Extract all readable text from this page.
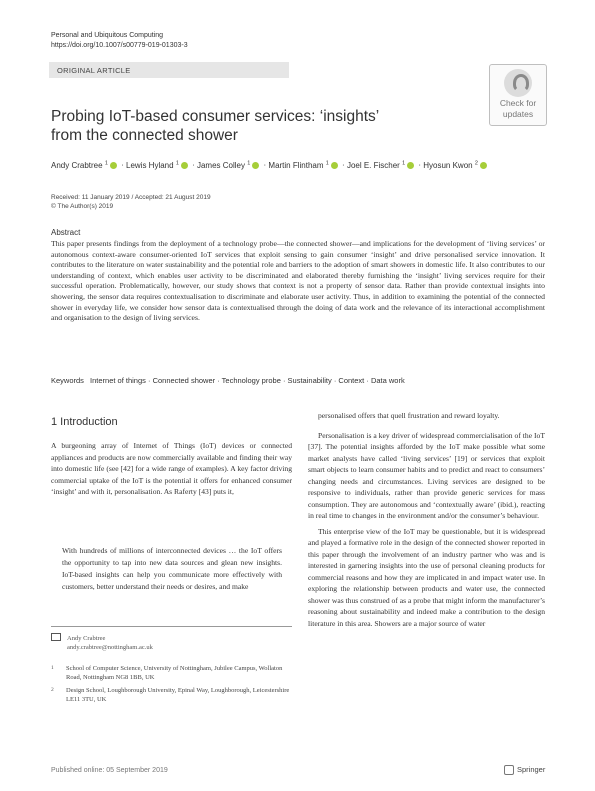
Personal and Ubiquitous Computing
https://doi.org/10.1007/s00779-019-01303-3
ORIGINAL ARTICLE
Check for
updates
Probing IoT-based consumer services: ‘insights’
from the connected shower
Andy Crabtree $^1$ · Lewis Hyland $^1$ · James Colley $^1$ · Martin Flintham $^1$ · Joel E. Fischer $^1$ · Hyosun Kwon $^2$
Received: 11 January 2019 / Accepted: 21 August 2019
© The Author(s) 2019
Abstract
This paper presents findings from the deployment of a technology probe—the connected shower—and implications for the development of ‘living services’ or autonomous context-aware consumer-oriented IoT services that exploit sensing to gain consumer ‘insight’ and drive personalised service innovation. It contributes to the literature on water sustainability and the potential role and barriers to the adoption of smart showers in domestic life. It also contributes to our understanding of context, which enables user activity to be discriminated and elaborated thereby furnishing the ‘insight’ living services require for their successful operation. Problematically, however, our study shows that context is not a property of sensor data. Rather than provide contextual insights into showering, the sensor data requires contextualisation to discriminate and elaborate user activity. Thus, in addition to examining the potential of the connected shower in everyday life, we consider how sensor data is contextualised through the doing of data work and the relevance of its interactional accomplishment and organisation to the design of living services.
Keywords Internet of things · Connected shower · Technology probe · Sustainability · Context · Data work
1 Introduction
A burgeoning array of Internet of Things (IoT) devices or connected appliances and products are now commercially available and finding their way into domestic life (see [42] for a wide range of examples). A key factor driving commercial uptake of the IoT is the potential it offers for enhanced consumer ‘insight’ and with it, personalisation. As Raferty [43] puts it,
With hundreds of millions of interconnected devices … the IoT offers the opportunity to tap into new data sources and glean new insights. IoT-based insights can help you communicate more effectively with customers, better understand their needs or desires, and make
Andy Crabtree
andy.crabtree@nottingham.ac.uk
1	School of Computer Science, University of Nottingham, Jubilee Campus, Wollaton Road, Nottingham NG8 1BB, UK
2	Design School, Loughborough University, Epinal Way, Loughborough, Leicestershire LE11 3TU, UK
personalised offers that quell frustration and reward loyalty.
Personalisation is a key driver of widespread commercialisation of the IoT [37]. The potential insights afforded by the IoT make possible what some market analysts have called ‘living services’ [19] or services that exploit smart objects to learn consumer habits and to predict and react to consumers’ changing needs and circumstances. Living services are designed to be responsive to individuals, rather than provide generic services for mass consumption. They are autonomous and ‘contextually aware’ (ibid.), reacting in real time to changes in the environment and/or the consumer’s behaviour.
This enterprise view of the IoT may be questionable, but it is widespread and played a formative role in the design of the connected shower reported in this paper through the involvement of an industry partner who was and is interested in garnering insights into the use of personal cleaning products for commercial reasons and how they are implicated in and impact water use. In exploring the relationship between products and water use, the connected shower was thus construed of as a probe that might inform the manufacturer’s reasoning about sustainability and indeed make a contribution to the design literature in this area. Showers are a major source of water
Published online: 05 September 2019	Springer
